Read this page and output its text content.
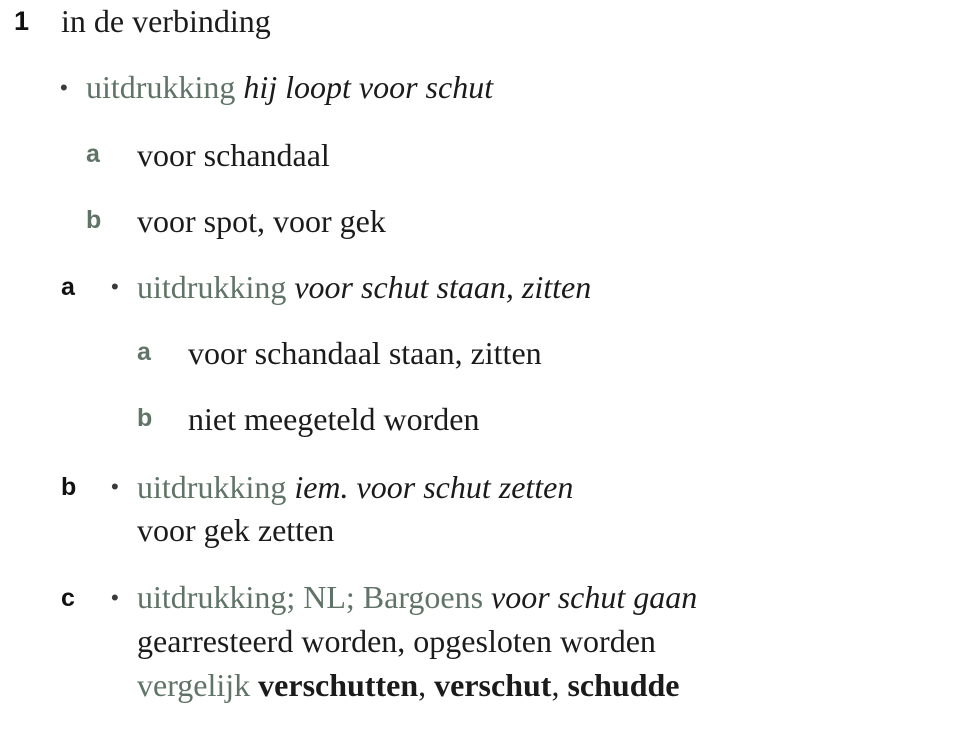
1 in de verbinding
• uitdrukking hij loopt voor schut
a voor schandaal
b voor spot, voor gek
a • uitdrukking voor schut staan, zitten
a voor schandaal staan, zitten
b niet meegeteld worden
b • uitdrukking iem. voor schut zetten
voor gek zetten
c • uitdrukking; NL; Bargoens voor schut gaan
gearresteerd worden, opgesloten worden
vergelijk verschutten, verschut, schudde
